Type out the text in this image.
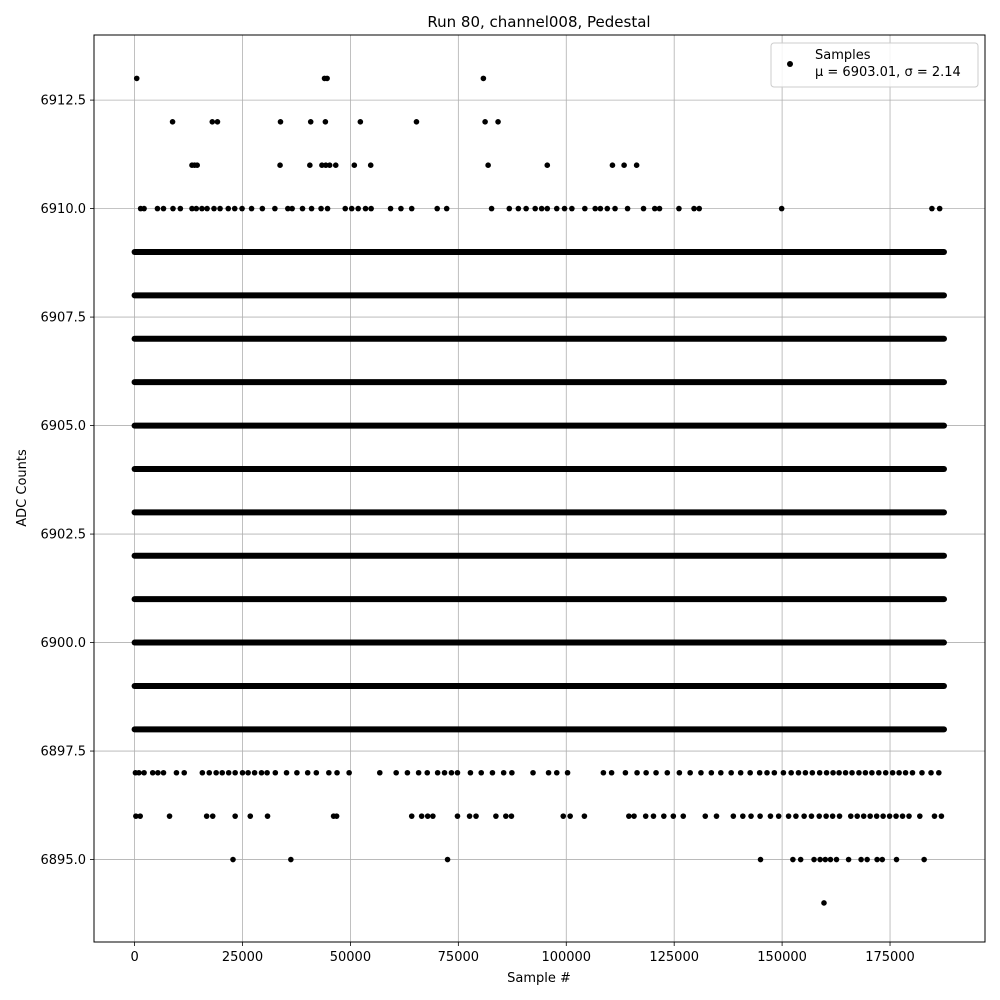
Run 80, channel008, Pedestal
0	25000	50000	75000	100000	125000	150000	175000
6895.0
6897.5
6900.0
6902.5
6905.0
6907.5
6910.0
6912.5
Sample #
ADC Counts
Samples
μ = 6903.01, σ = 2.14
